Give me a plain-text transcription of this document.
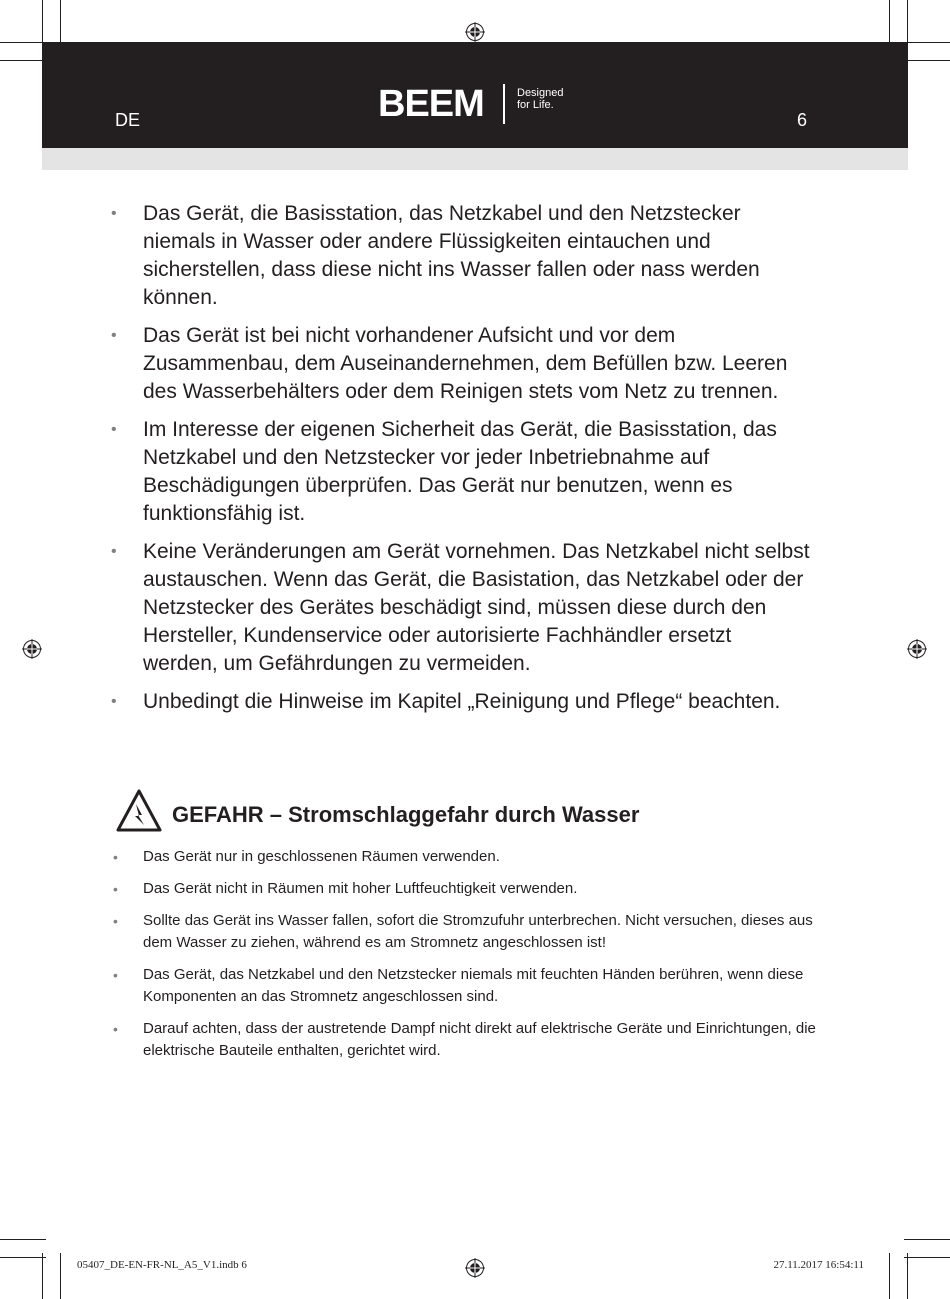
DE	BEEM	Designed
for Life.
6
• Das Gerät, die Basisstation, das Netzkabel und den Netzstecker niemals in Wasser oder andere Flüssigkeiten eintauchen und sicherstellen, dass diese nicht ins Wasser fallen oder nass werden können.
• Das Gerät ist bei nicht vorhandener Aufsicht und vor dem Zusammenbau, dem Auseinandernehmen, dem Befüllen bzw. Leeren des Wasserbehälters oder dem Reinigen stets vom Netz zu trennen.
• Im Interesse der eigenen Sicherheit das Gerät, die Basisstation, das Netzkabel und den Netzstecker vor jeder Inbetriebnahme auf Beschädigungen überprüfen. Das Gerät nur benutzen, wenn es funktionsfähig ist.
• Keine Veränderungen am Gerät vornehmen. Das Netzkabel nicht selbst austauschen. Wenn das Gerät, die Basistation, das Netzkabel oder der Netzstecker des Gerätes beschädigt sind, müssen diese durch den Hersteller, Kundenservice oder autorisierte Fachhändler ersetzt werden, um Gefährdungen zu vermeiden.
• Unbedingt die Hinweise im Kapitel „Reinigung und Pflege“ beachten.
GEFAHR – Stromschlaggefahr durch Wasser
• Das Gerät nur in geschlossenen Räumen verwenden.
• Das Gerät nicht in Räumen mit hoher Luftfeuchtigkeit verwenden.
• Sollte das Gerät ins Wasser fallen, sofort die Stromzufuhr unterbrechen. Nicht versuchen, dieses aus dem Wasser zu ziehen, während es am Stromnetz angeschlossen ist!
• Das Gerät, das Netzkabel und den Netzstecker niemals mit feuchten Händen berühren, wenn diese Komponenten an das Stromnetz angeschlossen sind.
• Darauf achten, dass der austretende Dampf nicht direkt auf elektrische Geräte und Einrichtungen, die elektrische Bauteile enthalten, gerichtet wird.
05407_DE-EN-FR-NL_A5_V1.indb 6	27.11.2017 16:54:11
